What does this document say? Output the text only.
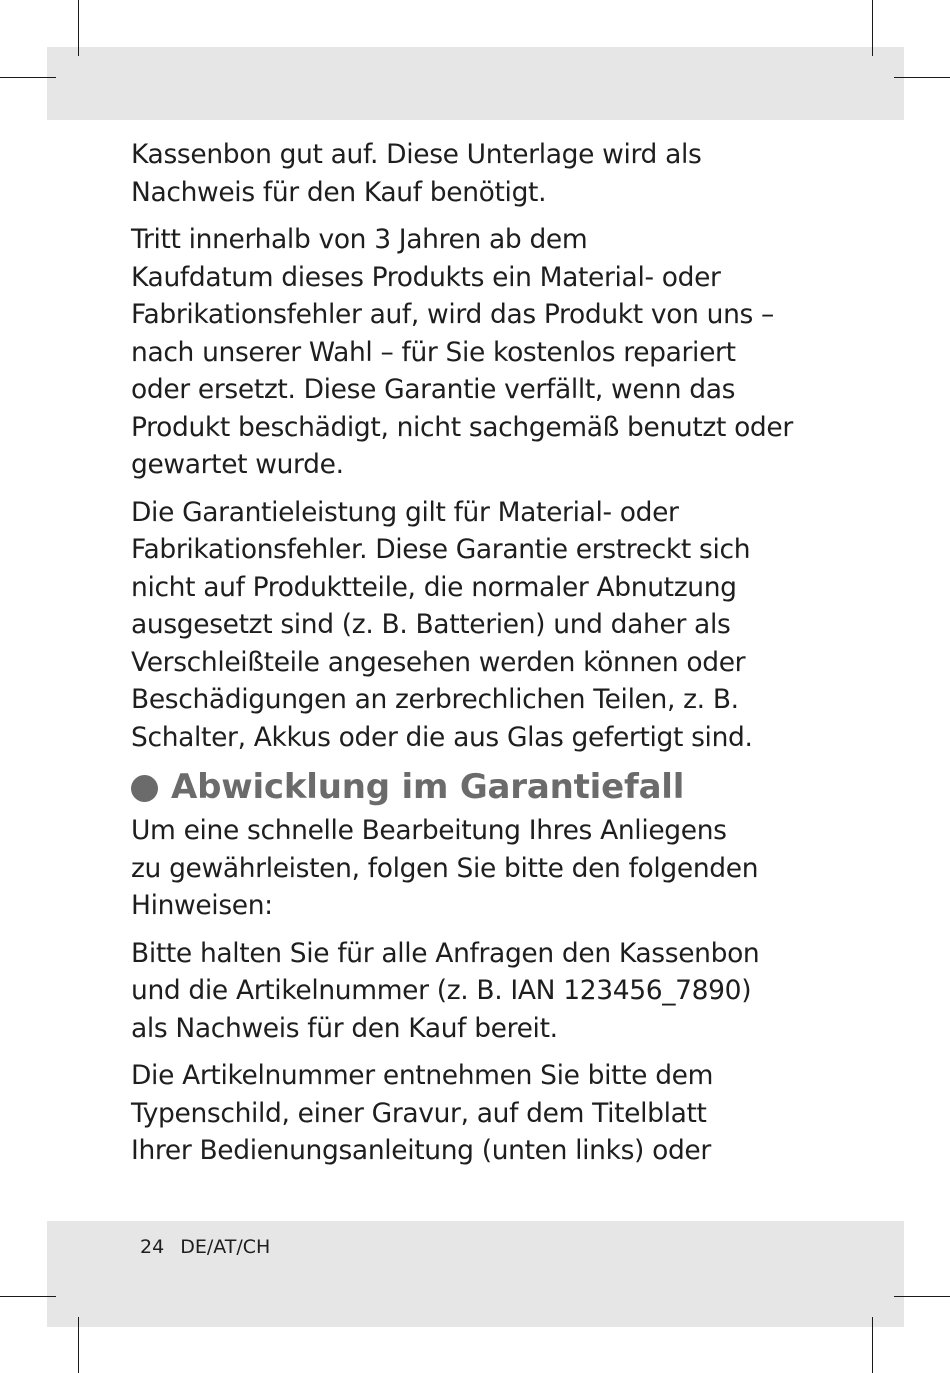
Kassenbon gut auf. Diese Unterlage wird als
Nachweis für den Kauf benötigt.

Tritt innerhalb von 3 Jahren ab dem
Kaufdatum dieses Produkts ein Material- oder
Fabrikationsfehler auf, wird das Produkt von uns –
nach unserer Wahl – für Sie kostenlos repariert
oder ersetzt. Diese Garantie verfällt, wenn das
Produkt beschädigt, nicht sachgemäß benutzt oder
gewartet wurde.

Die Garantieleistung gilt für Material- oder
Fabrikationsfehler. Diese Garantie erstreckt sich
nicht auf Produktteile, die normaler Abnutzung
ausgesetzt sind (z. B. Batterien) und daher als
Verschleißteile angesehen werden können oder
Beschädigungen an zerbrechlichen Teilen, z. B.
Schalter, Akkus oder die aus Glas gefertigt sind.

Abwicklung im Garantiefall

Um eine schnelle Bearbeitung Ihres Anliegens
zu gewährleisten, folgen Sie bitte den folgenden
Hinweisen:

Bitte halten Sie für alle Anfragen den Kassenbon
und die Artikelnummer (z. B. IAN 123456_7890)
als Nachweis für den Kauf bereit.

Die Artikelnummer entnehmen Sie bitte dem
Typenschild, einer Gravur, auf dem Titelblatt
Ihrer Bedienungsanleitung (unten links) oder

24 DE/AT/CH
